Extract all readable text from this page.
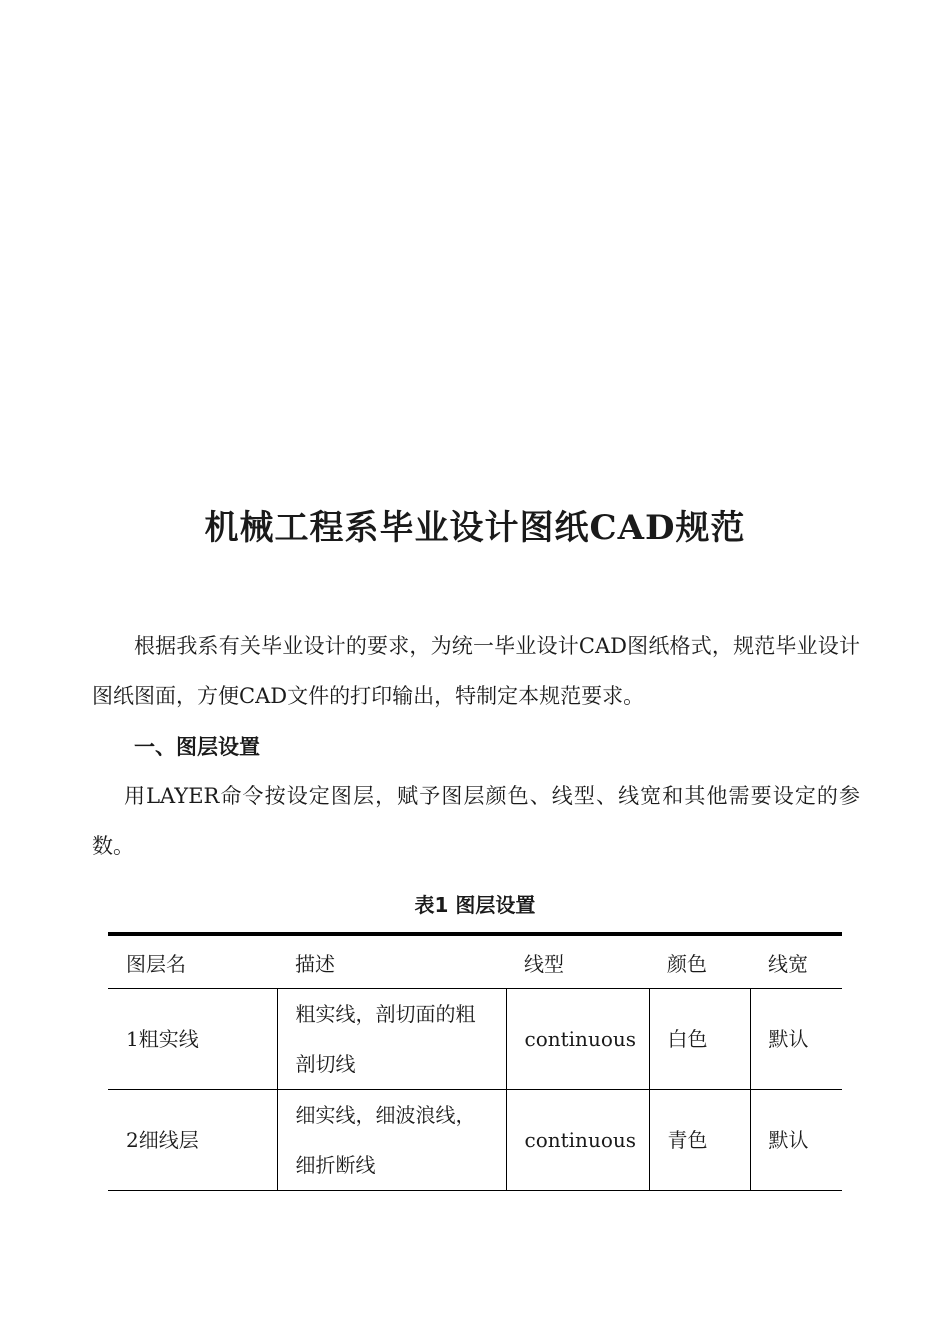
机械工程系毕业设计图纸CAD规范
根据我系有关毕业设计的要求，为统一毕业设计CAD图纸格式，规范毕业设计图纸图面，方便CAD文件的打印输出，特制定本规范要求。
一、图层设置
用LAYER命令按设定图层，赋予图层颜色、线型、线宽和其他需要设定的参数。
表1 图层设置
图层名	描述	线型	颜色	线宽
1粗实线	粗实线，剖切面的粗剖切线	continuous	白色	默认
2细线层	细实线，细波浪线，细折断线	continuous	青色	默认
